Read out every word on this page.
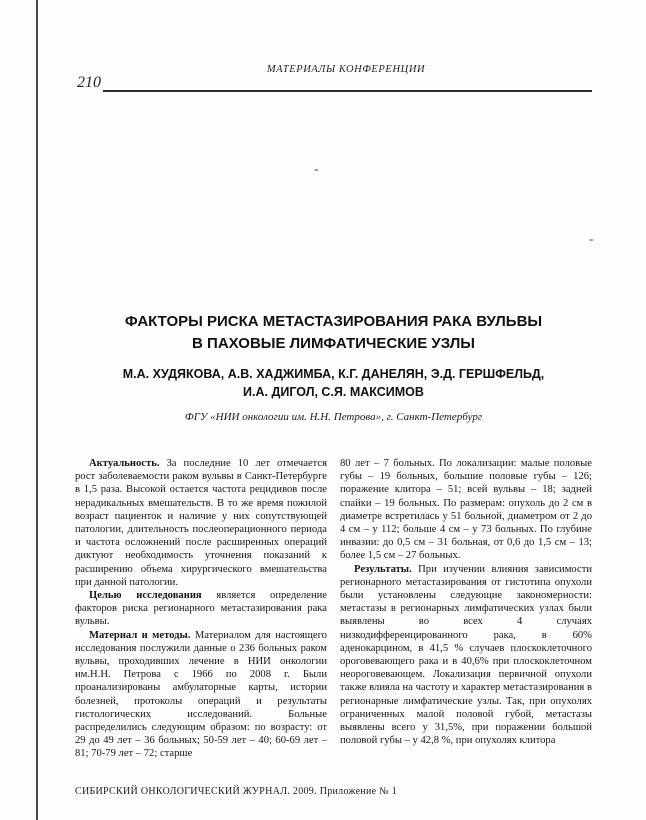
210
МАТЕРИАЛЫ КОНФЕРЕНЦИИ
-
-
ФАКТОРЫ РИСКА МЕТАСТАЗИРОВАНИЯ РАКА ВУЛЬВЫ
В ПАХОВЫЕ ЛИМФАТИЧЕСКИЕ УЗЛЫ
М.А. ХУДЯКОВА, А.В. ХАДЖИМБА, К.Г. ДАНЕЛЯН, Э.Д. ГЕРШФЕЛЬД,
И.А. ДИГОЛ, С.Я. МАКСИМОВ
ФГУ «НИИ онкологии им. Н.Н. Петрова», г. Санкт-Петербург

Актуальность. За последние 10 лет отмечается рост заболеваемости раком вульвы в Санкт-Петербурге в 1,5 раза. Высокой остается частота рецидивов после нерадикальных вмешательств. В то же время пожилой возраст пациенток и наличие у них сопутствующей патологии, длительность послеоперационного периода и частота осложнений после расширенных операций диктуют необходимость уточнения показаний к расширению объема хирургического вмешательства при данной патологии.

Целью исследования является определение факторов риска регионарного метастазирования рака вульвы.

Материал и методы. Материалом для настоящего исследования послужили данные о 236 больных раком вульвы, проходивших лечение в НИИ онкологии им.Н.Н. Петрова с 1966 по 2008 г. Были проанализированы амбулаторные карты, истории болезней, протоколы операций и результаты гистологических исследований. Больные распределились следующим образом: по возрасту: от 29 до 49 лет – 36 больных; 50-59 лет – 40; 60-69 лет – 81; 70-79 лет – 72; старше

80 лет – 7 больных. По локализации: малые половые губы – 19 больных, большие половые губы – 126; поражение клитора – 51; всей вульвы – 18; задней спайки – 19 больных. По размерам: опухоль до 2 см в диаметре встретилась у 51 больной, диаметром от 2 до 4 см – у 112; больше 4 см – у 73 больных. По глубине инвазии: до 0,5 см – 31 больная, от 0,6 до 1,5 см – 13; более 1,5 см – 27 больных.

Результаты. При изучении влияния зависимости регионарного метастазирования от гистотипа опухоли были установлены следующие закономерности: метастазы в регионарных лимфатических узлах были выявлены во всех 4 случаях низкодифференцированного рака, в 60% аденокарцином, в 41,5 % случаев плоскоклеточного ороговевающего рака и в 40,6% при плоскоклеточном неороговевающем. Локализация первичной опухоли также влияла на частоту и характер метастазирования в регионарные лимфатические узлы. Так, при опухолях ограниченных малой половой губой, метастазы выявлены всего у 31,5%, при поражении большой половой губы – у 42,8 %, при опухолях клитора

СИБИРСКИЙ ОНКОЛОГИЧЕСКИЙ ЖУРНАЛ. 2009. Приложение № 1
